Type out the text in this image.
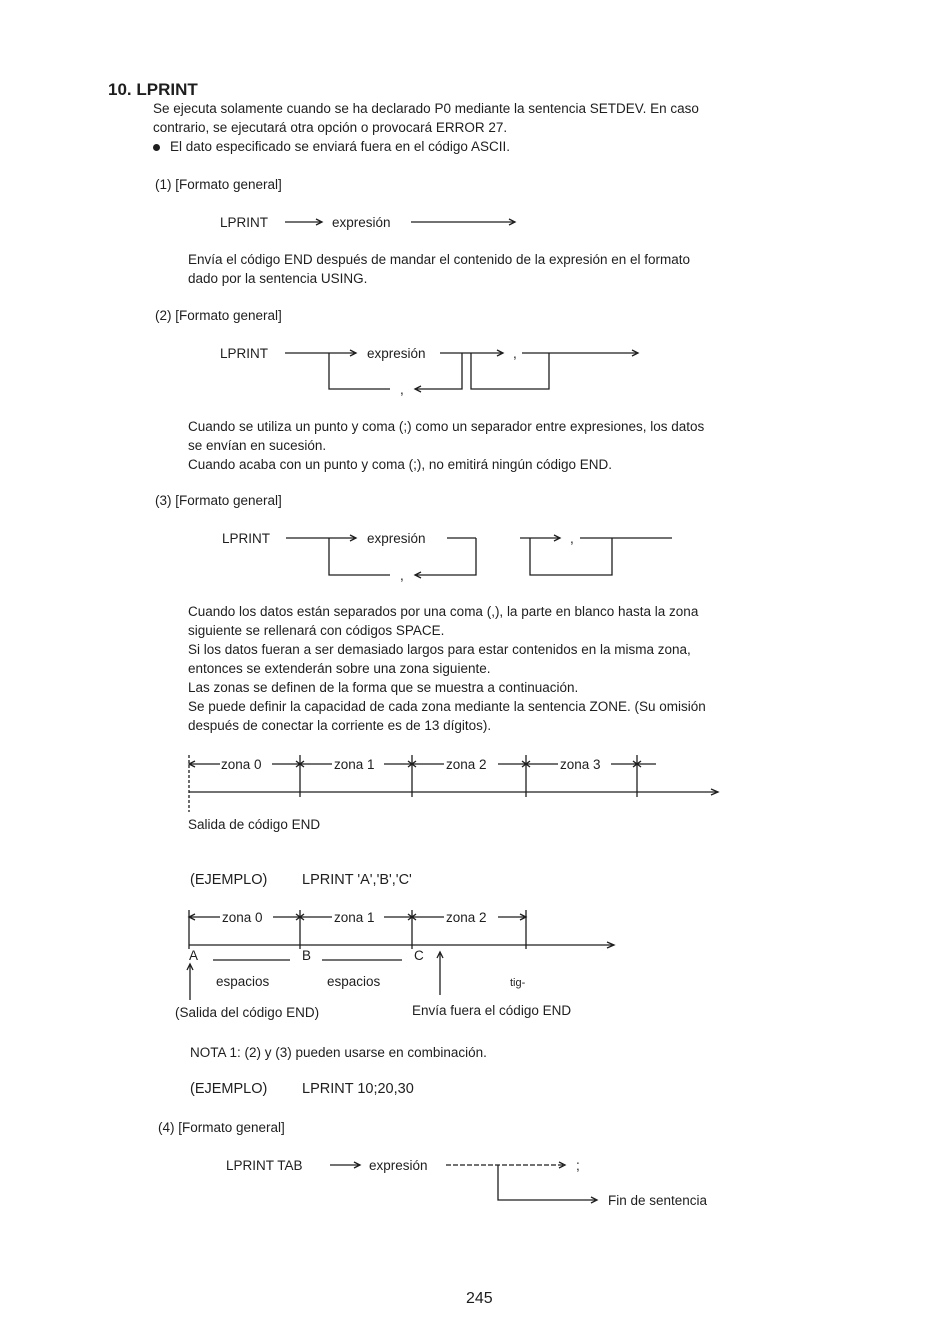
10. LPRINT
Se ejecuta solamente cuando se ha declarado P0 mediante la sentencia SETDEV. En caso
contrario, se ejecutará otra opción o provocará ERROR 27.
El dato especificado se enviará fuera en el código ASCII.
(1) [Formato general]
LPRINT	expresión
Envía el código END después de mandar el contenido de la expresión en el formato
dado por la sentencia USING.
(2) [Formato general]
LPRINT	expresión	,
,
Cuando se utiliza un punto y coma (;) como un separador entre expresiones, los datos
se envían en sucesión.
Cuando acaba con un punto y coma (;), no emitirá ningún código END.
(3) [Formato general]
LPRINT	expresión	,
,
Cuando los datos están separados por una coma (,), la parte en blanco hasta la zona
siguiente se rellenará con códigos SPACE.
Si los datos fueran a ser demasiado largos para estar contenidos en la misma zona,
entonces se extenderán sobre una zona siguiente.
Las zonas se definen de la forma que se muestra a continuación.
Se puede definir la capacidad de cada zona mediante la sentencia ZONE. (Su omisión
después de conectar la corriente es de 13 dígitos).
zona 0	zona 1	zona 2	zona 3
Salida de código END
(EJEMPLO) LPRINT 'A','B','C'
zona 0	zona 1	zona 2
A	B	C
espacios	espacios	tig-
(Salida del código END)	Envía fuera el código END
NOTA 1: (2) y (3) pueden usarse en combinación.
(EJEMPLO) LPRINT 10;20,30
(4) [Formato general]
LPRINT TAB	expresión	;
Fin de sentencia
245
